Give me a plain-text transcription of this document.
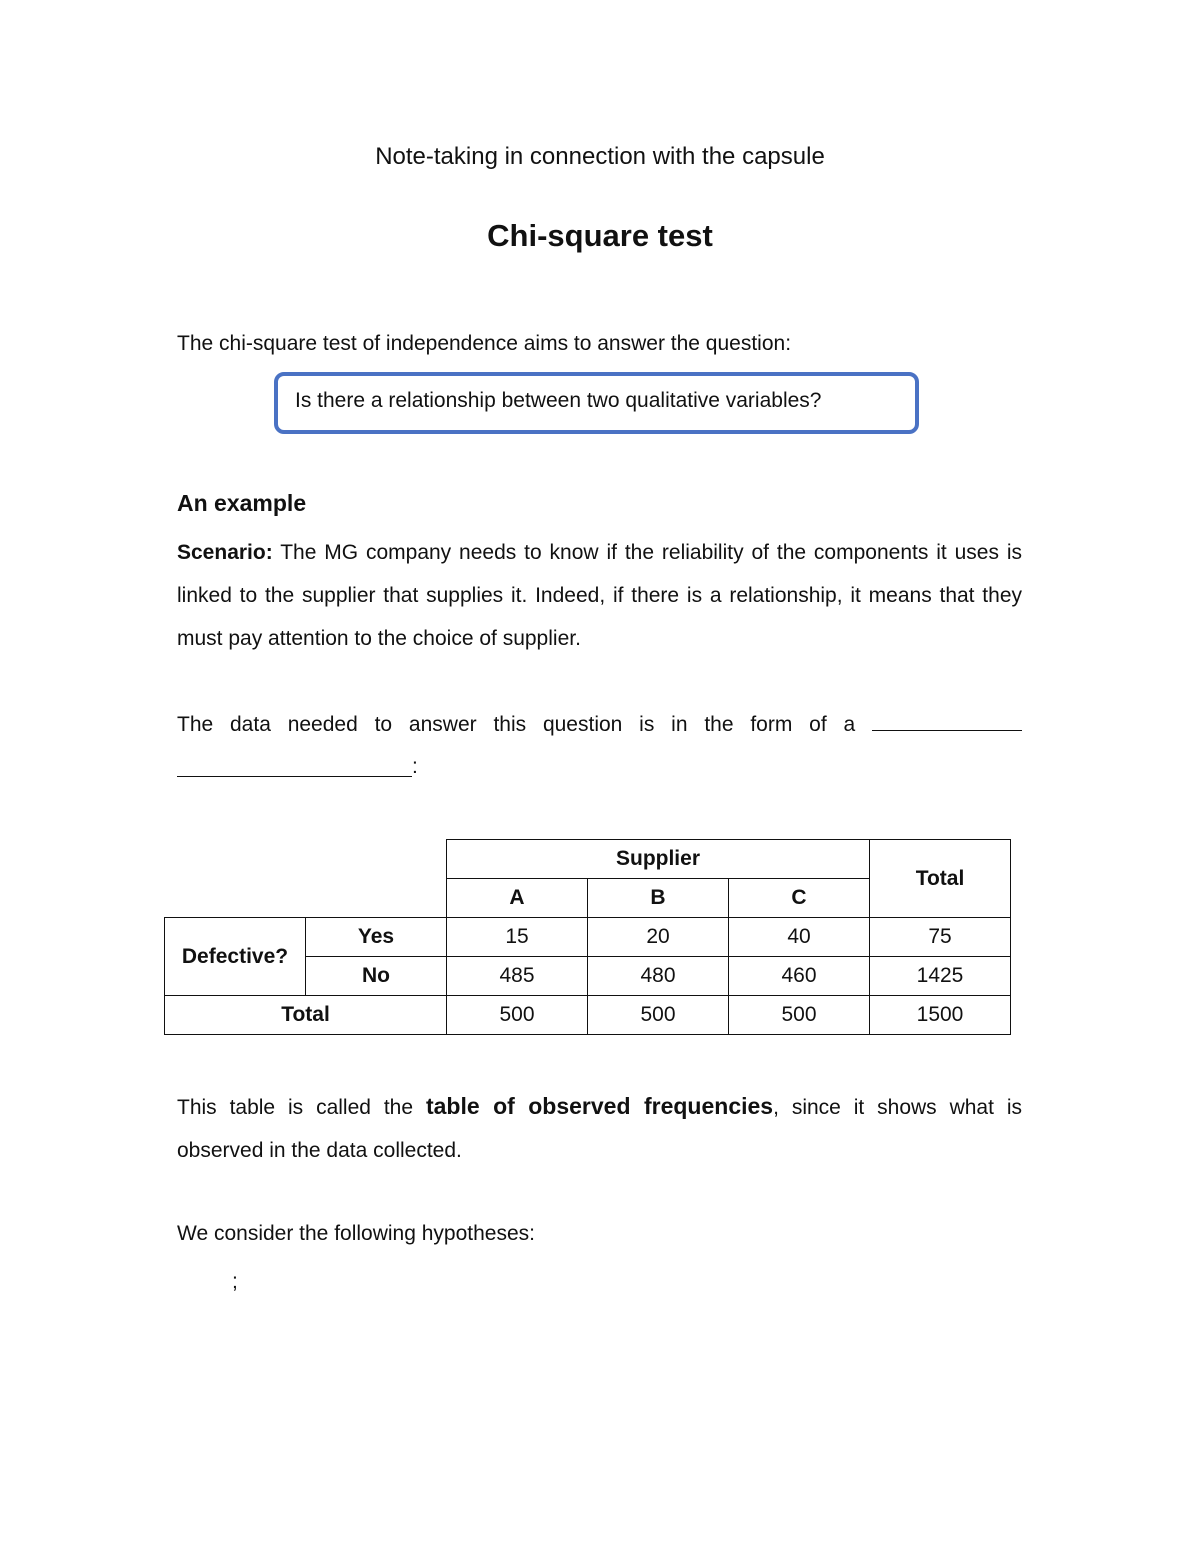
Note-taking in connection with the capsule
Chi-square test
The chi-square test of independence aims to answer the question:
Is there a relationship between two qualitative variables?
An example
Scenario: The MG company needs to know if the reliability of the components it uses is linked to the supplier that supplies it. Indeed, if there is a relationship, it means that they must pay attention to the choice of supplier.
The data needed to answer this question is in the form of a
:
		Supplier			Total
		A	B	C	
Defective?	Yes	15	20	40	75
	No	485	480	460	1425
Total		500	500	500	1500
This table is called the table of observed frequencies, since it shows what is observed in the data collected.
We consider the following hypotheses:
;
